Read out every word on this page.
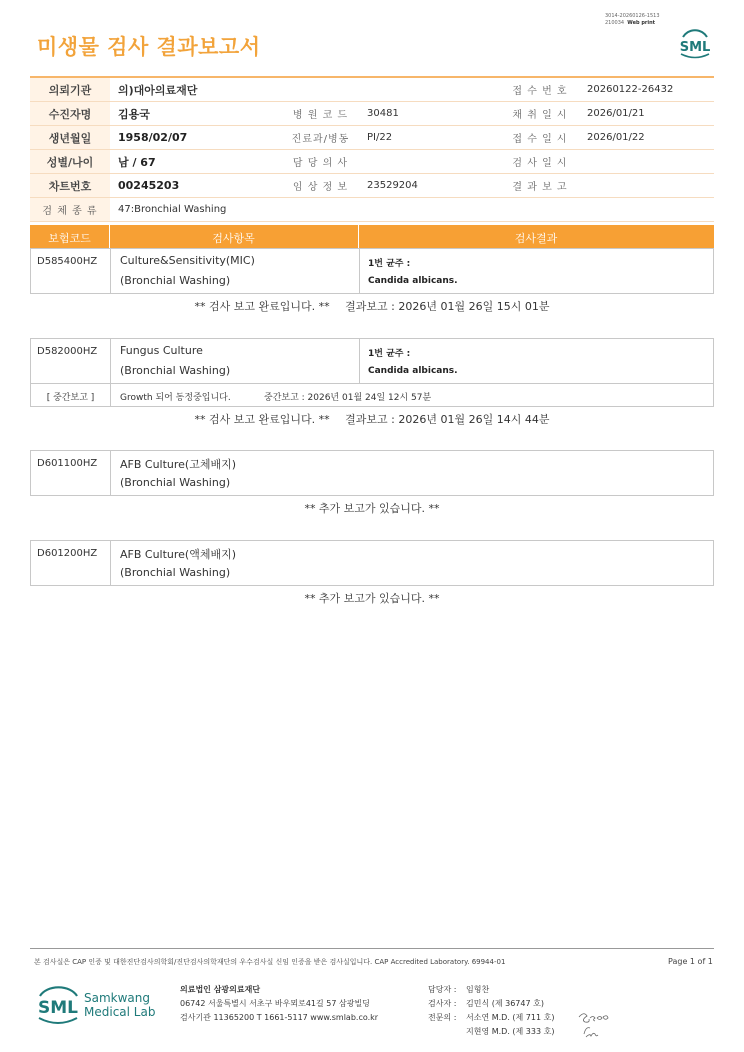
미생물 검사 결과보고서
3014-20260126-1513
210034 Web print
SML
의뢰기관	의)대아의료재단			접 수 번 호	20260122-26432
수진자명	김용국	병 원 코 드	30481	채 취 일 시	2026/01/21
생년월일	1958/02/07	진료과/병동	PI/22	접 수 일 시	2026/01/22
성별/나이	남 / 67	담 당 의 사		검 사 일 시	
차트번호	00245203	임 상 정 보	23529204	결 과 보 고	
검 체 종 류	47:Bronchial Washing				
보험코드	검사항목	검사결과
D585400HZ Culture&Sensitivity(MIC)
(Bronchial Washing)
1번 균주 :
Candida albicans.
** 검사 보고 완료입니다. ** 결과보고 : 2026년 01월 26일 15시 01분
D582000HZ Fungus Culture
(Bronchial Washing)
1번 균주 :
Candida albicans.
[ 중간보고 ]	Growth 되어 동정중입니다.	중간보고 : 2026년 01월 24일 12시 57분
** 검사 보고 완료입니다. ** 결과보고 : 2026년 01월 26일 14시 44분
D601100HZ AFB Culture(고체배지)
(Bronchial Washing)
** 추가 보고가 있습니다. **
D601200HZ AFB Culture(액체배지)
(Bronchial Washing)
** 추가 보고가 있습니다. **
본 검사실은 CAP 인증 및 대한진단검사의학회/진단검사의학재단의 우수검사실 신임 인증을 받은 검사실입니다. CAP Accredited Laboratory. 69944-01	Page 1 of 1
SML Samkwang
Medical Lab
의료법인 삼광의료재단
06742 서울특별시 서초구 바우뫼로41길 57 삼광빌딩
검사기관 11365200 T 1661-5117 www.smlab.co.kr
담당자 : 임형찬
검사자 : 김민식 (제 36747 호)
전문의 : 서소연 M.D. (제 711 호)
지현영 M.D. (제 333 호)
